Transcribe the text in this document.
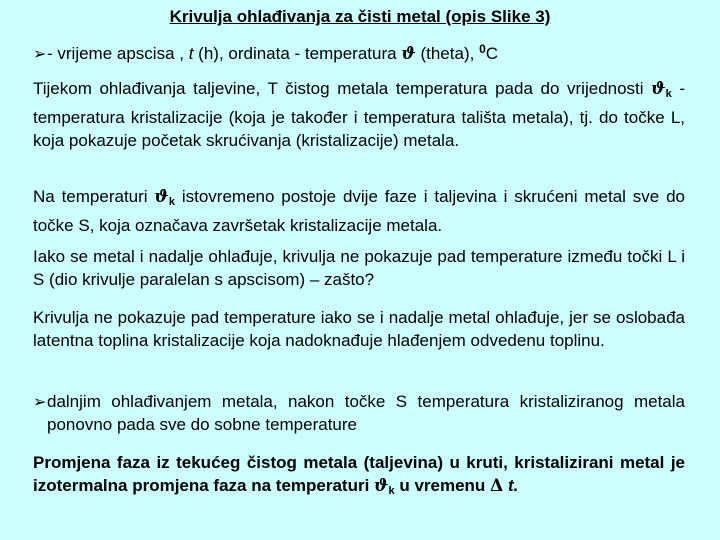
Krivulja ohlađivanja za čisti metal (opis Slike 3)
➢ - vrijeme apscisa , t (h), ordinata - temperatura ϑ (theta), $^0$C
Tijekom ohlađivanja taljevine, T čistog metala temperatura pada do vrijednosti $ϑ_k$ - temperatura kristalizacije (koja je također i temperatura tališta metala), tj. do točke L, koja pokazuje početak skrućivanja (kristalizacije) metala.
Na temperaturi $ϑ_k$ istovremeno postoje dvije faze i taljevina i skrućeni metal sve do točke S, koja označava završetak kristalizacije metala.
Iako se metal i nadalje ohlađuje, krivulja ne pokazuje pad temperature između točki L i S (dio krivulje paralelan s apscisom) – zašto?
Krivulja ne pokazuje pad temperature iako se i nadalje metal ohlađuje, jer se oslobađa latentna toplina kristalizacije koja nadoknađuje hlađenjem odvedenu toplinu.
➢ dalnjim ohlađivanjem metala, nakon točke S temperatura kristaliziranog metala ponovno pada sve do sobne temperature
Promjena faza iz tekućeg čistog metala (taljevina) u kruti, kristalizirani metal je izotermalna promjena faza na temperaturi $ϑ_k$ u vremenu Δ t.
